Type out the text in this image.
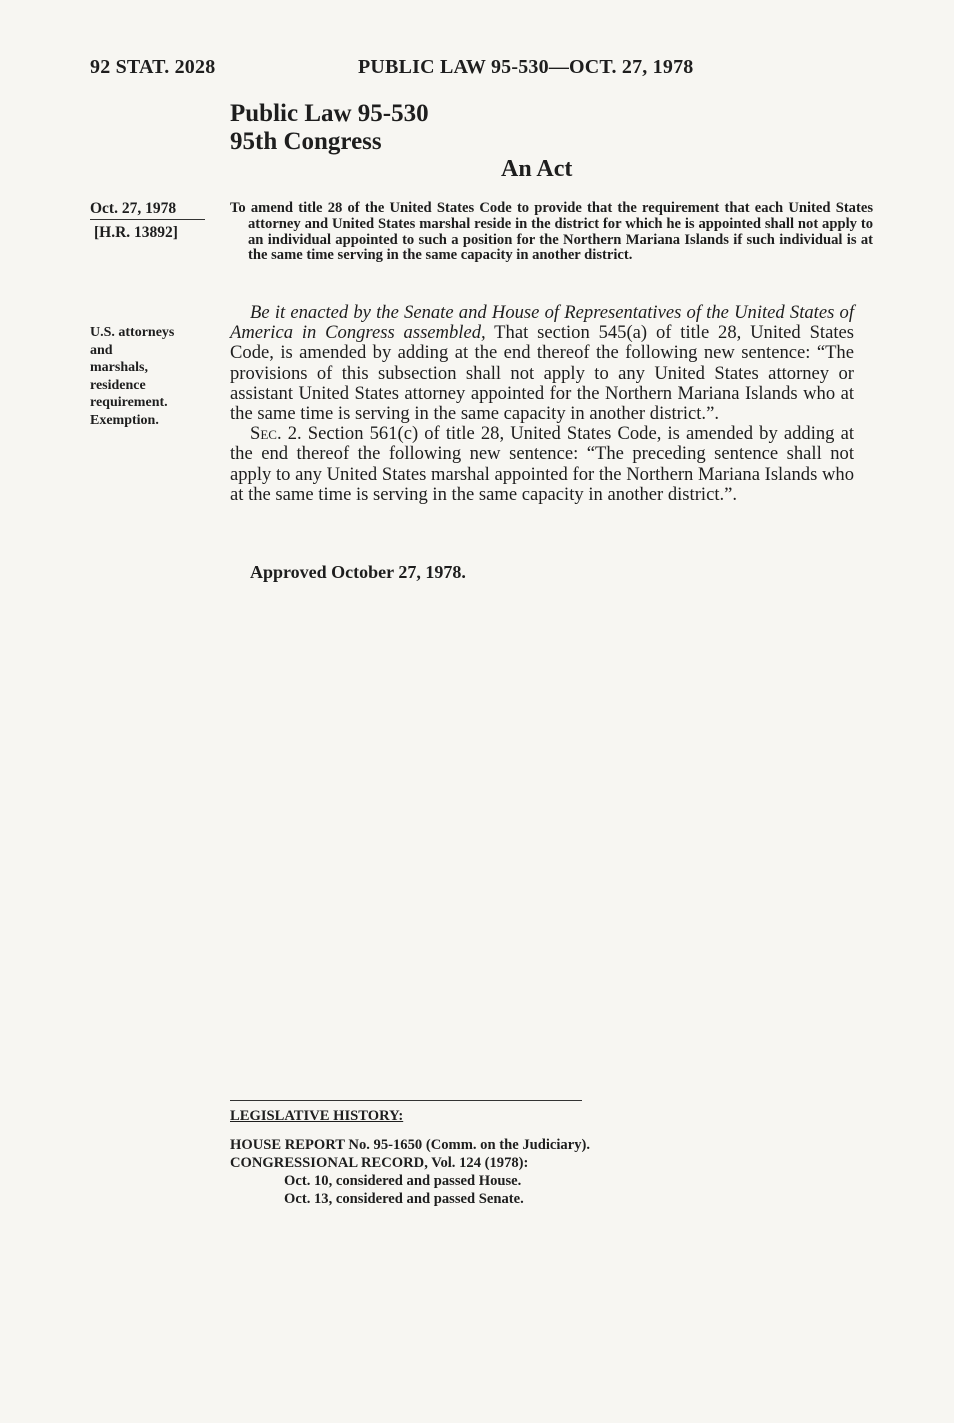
92 STAT. 2028	PUBLIC LAW 95-530—OCT. 27, 1978
Public Law 95-530
95th Congress
An Act
Oct. 27, 1978
[H.R. 13892]
U.S. attorneys
and
marshals,
residence
requirement.
Exemption.
To amend title 28 of the United States Code to provide that the requirement that each United States attorney and United States marshal reside in the district for which he is appointed shall not apply to an individual appointed to such a position for the Northern Mariana Islands if such individual is at the same time serving in the same capacity in another district.

Be it enacted by the Senate and House of Representatives of the United States of America in Congress assembled, That section 545(a) of title 28, United States Code, is amended by adding at the end thereof the following new sentence: “The provisions of this subsection shall not apply to any United States attorney or assistant United States attorney appointed for the Northern Mariana Islands who at the same time is serving in the same capacity in another district.”.

Sec. 2. Section 561(c) of title 28, United States Code, is amended by adding at the end thereof the following new sentence: “The preceding sentence shall not apply to any United States marshal appointed for the Northern Mariana Islands who at the same time is serving in the same capacity in another district.”.

Approved October 27, 1978.
LEGISLATIVE HISTORY:
HOUSE REPORT No. 95-1650 (Comm. on the Judiciary).
CONGRESSIONAL RECORD, Vol. 124 (1978):
Oct. 10, considered and passed House.
Oct. 13, considered and passed Senate.
